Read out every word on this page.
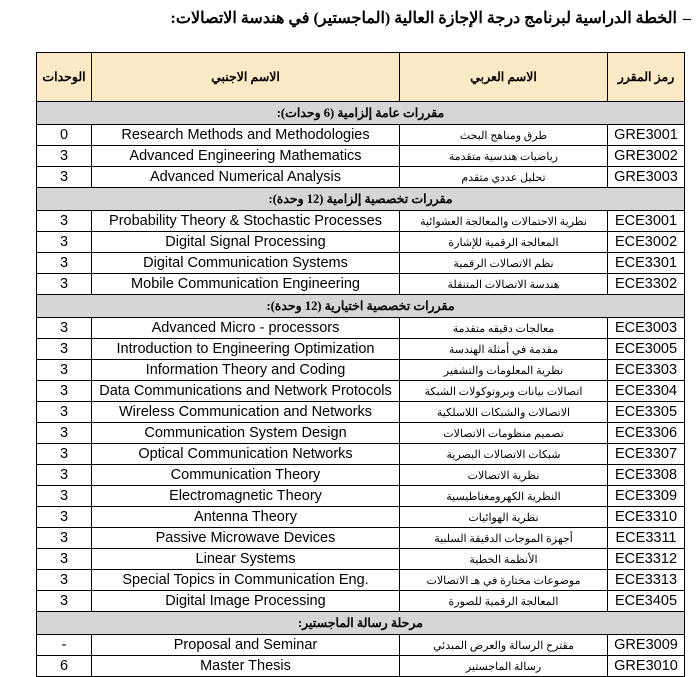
–
الخطة الدراسية لبرنامج درجة الإجازة العالية (الماجستير) في هندسة الاتصالات:
رمز المقرر	الاسم العربي	الاسم الاجنبي	الوحدات
مقررات عامة إلزامية (6 وحدات):			
GRE3001	طرق ومناهج البحث	Research Methods and Methodologies	0
GRE3002	رياضيات هندسية متقدمة	Advanced Engineering Mathematics	3
GRE3003	تحليل عددي متقدم	Advanced Numerical Analysis	3
مقررات تخصصية إلزامية (12 وحدة):			
ECE3001	نظرية الاحتمالات والمعالجة العشوائية	Probability Theory & Stochastic Processes	3
ECE3002	المعالجة الرقمية للإشارة	Digital Signal Processing	3
ECE3301	نظم الاتصالات الرقمية	Digital Communication Systems	3
ECE3302	هندسة الاتصالات المتنقلة	Mobile Communication Engineering	3
مقررات تخصصية اختيارية (12 وحدة):			
ECE3003	معالجات دقيقه متقدمة	Advanced Micro - processors	3
ECE3005	مقدمة في أمثلة الهندسة	Introduction to Engineering Optimization	3
ECE3303	نظرية المعلومات والتشفير	Information Theory and Coding	3
ECE3304	اتصالات بيانات وبروتوكولات الشبكة	Data Communications and Network Protocols	3
ECE3305	الاتصالات والشبكات اللاسلكية	Wireless Communication and Networks	3
ECE3306	تصميم منظومات الاتصالات	Communication System Design	3
ECE3307	شبكات الاتصالات البصرية	Optical Communication Networks	3
ECE3308	نظرية الاتصالات	Communication Theory	3
ECE3309	النظرية الكهرومغناطيسية	Electromagnetic Theory	3
ECE3310	نظرية الهوائيات	Antenna Theory	3
ECE3311	أجهزة الموجات الدقيقة السلبية	Passive Microwave Devices	3
ECE3312	الأنظمة الخطية	Linear Systems	3
ECE3313	موضوعات مختارة في هـ الاتصالات	Special Topics in Communication Eng.	3
ECE3405	المعالجة الرقمية للصورة	Digital Image Processing	3
مرحلة رسالة الماجستير:			
GRE3009	مقترح الرسالة والعرض المبدئي	Proposal and Seminar	-
GRE3010	رسالة الماجستير	Master Thesis	6
